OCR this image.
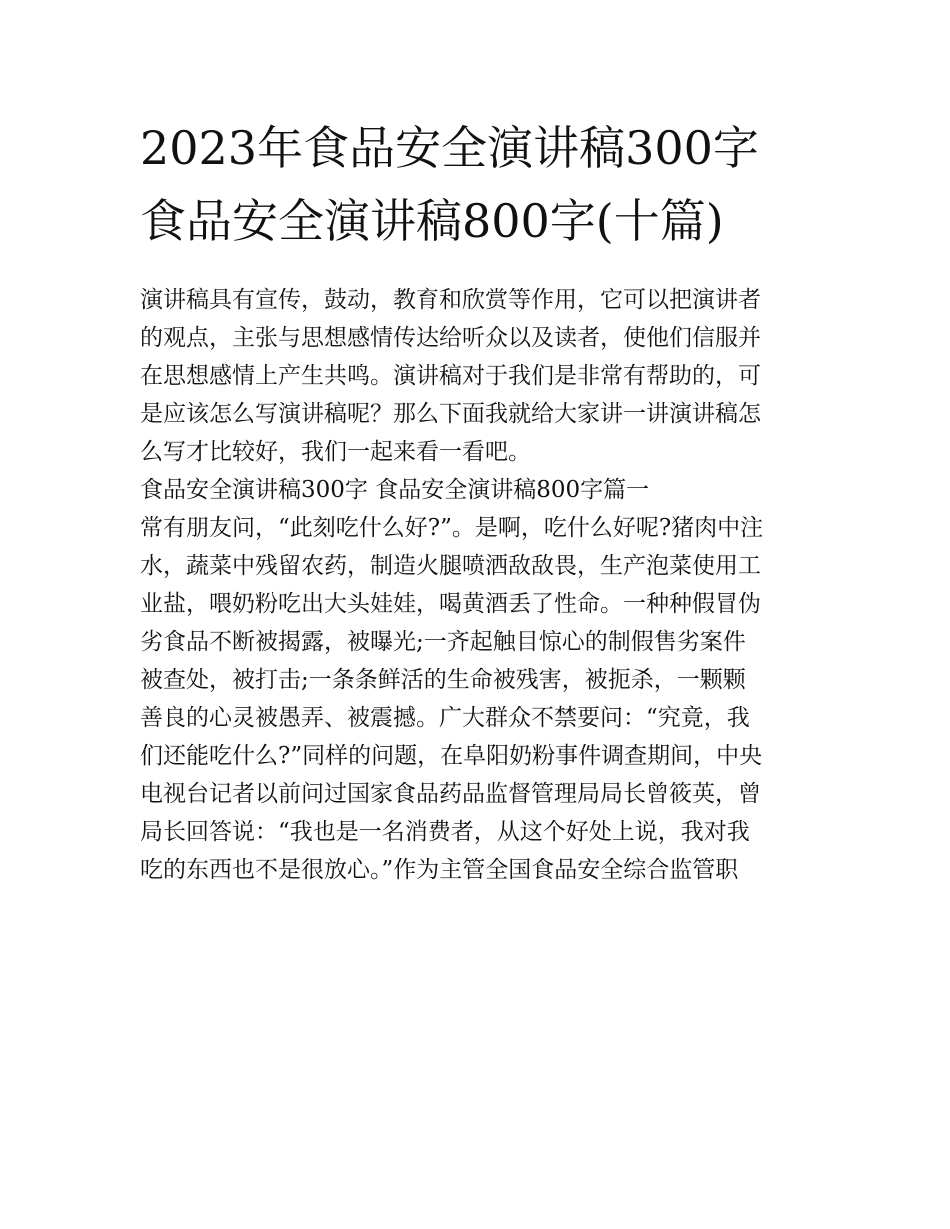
2023年食品安全演讲稿300字
食品安全演讲稿800字(十篇)

演讲稿具有宣传，鼓动，教育和欣赏等作用，它可以把演讲者
的观点，主张与思想感情传达给听众以及读者，使他们信服并
在思想感情上产生共鸣。演讲稿对于我们是非常有帮助的，可
是应该怎么写演讲稿呢？那么下面我就给大家讲一讲演讲稿怎
么写才比较好，我们一起来看一看吧。

食品安全演讲稿300字 食品安全演讲稿800字篇一

常有朋友问，“此刻吃什么好?”。是啊，吃什么好呢?猪肉中注
水，蔬菜中残留农药，制造火腿喷洒敌敌畏，生产泡菜使用工
业盐，喂奶粉吃出大头娃娃，喝黄酒丢了性命。一种种假冒伪
劣食品不断被揭露，被曝光;一齐起触目惊心的制假售劣案件
被查处，被打击;一条条鲜活的生命被残害，被扼杀，一颗颗
善良的心灵被愚弄、被震撼。广大群众不禁要问：“究竟，我
们还能吃什么?”同样的问题，在阜阳奶粉事件调查期间，中央
电视台记者以前问过国家食品药品监督管理局局长曾筱英，曾
局长回答说：“我也是一名消费者，从这个好处上说，我对我
吃的东西也不是很放心。”作为主管全国食品安全综合监管职
